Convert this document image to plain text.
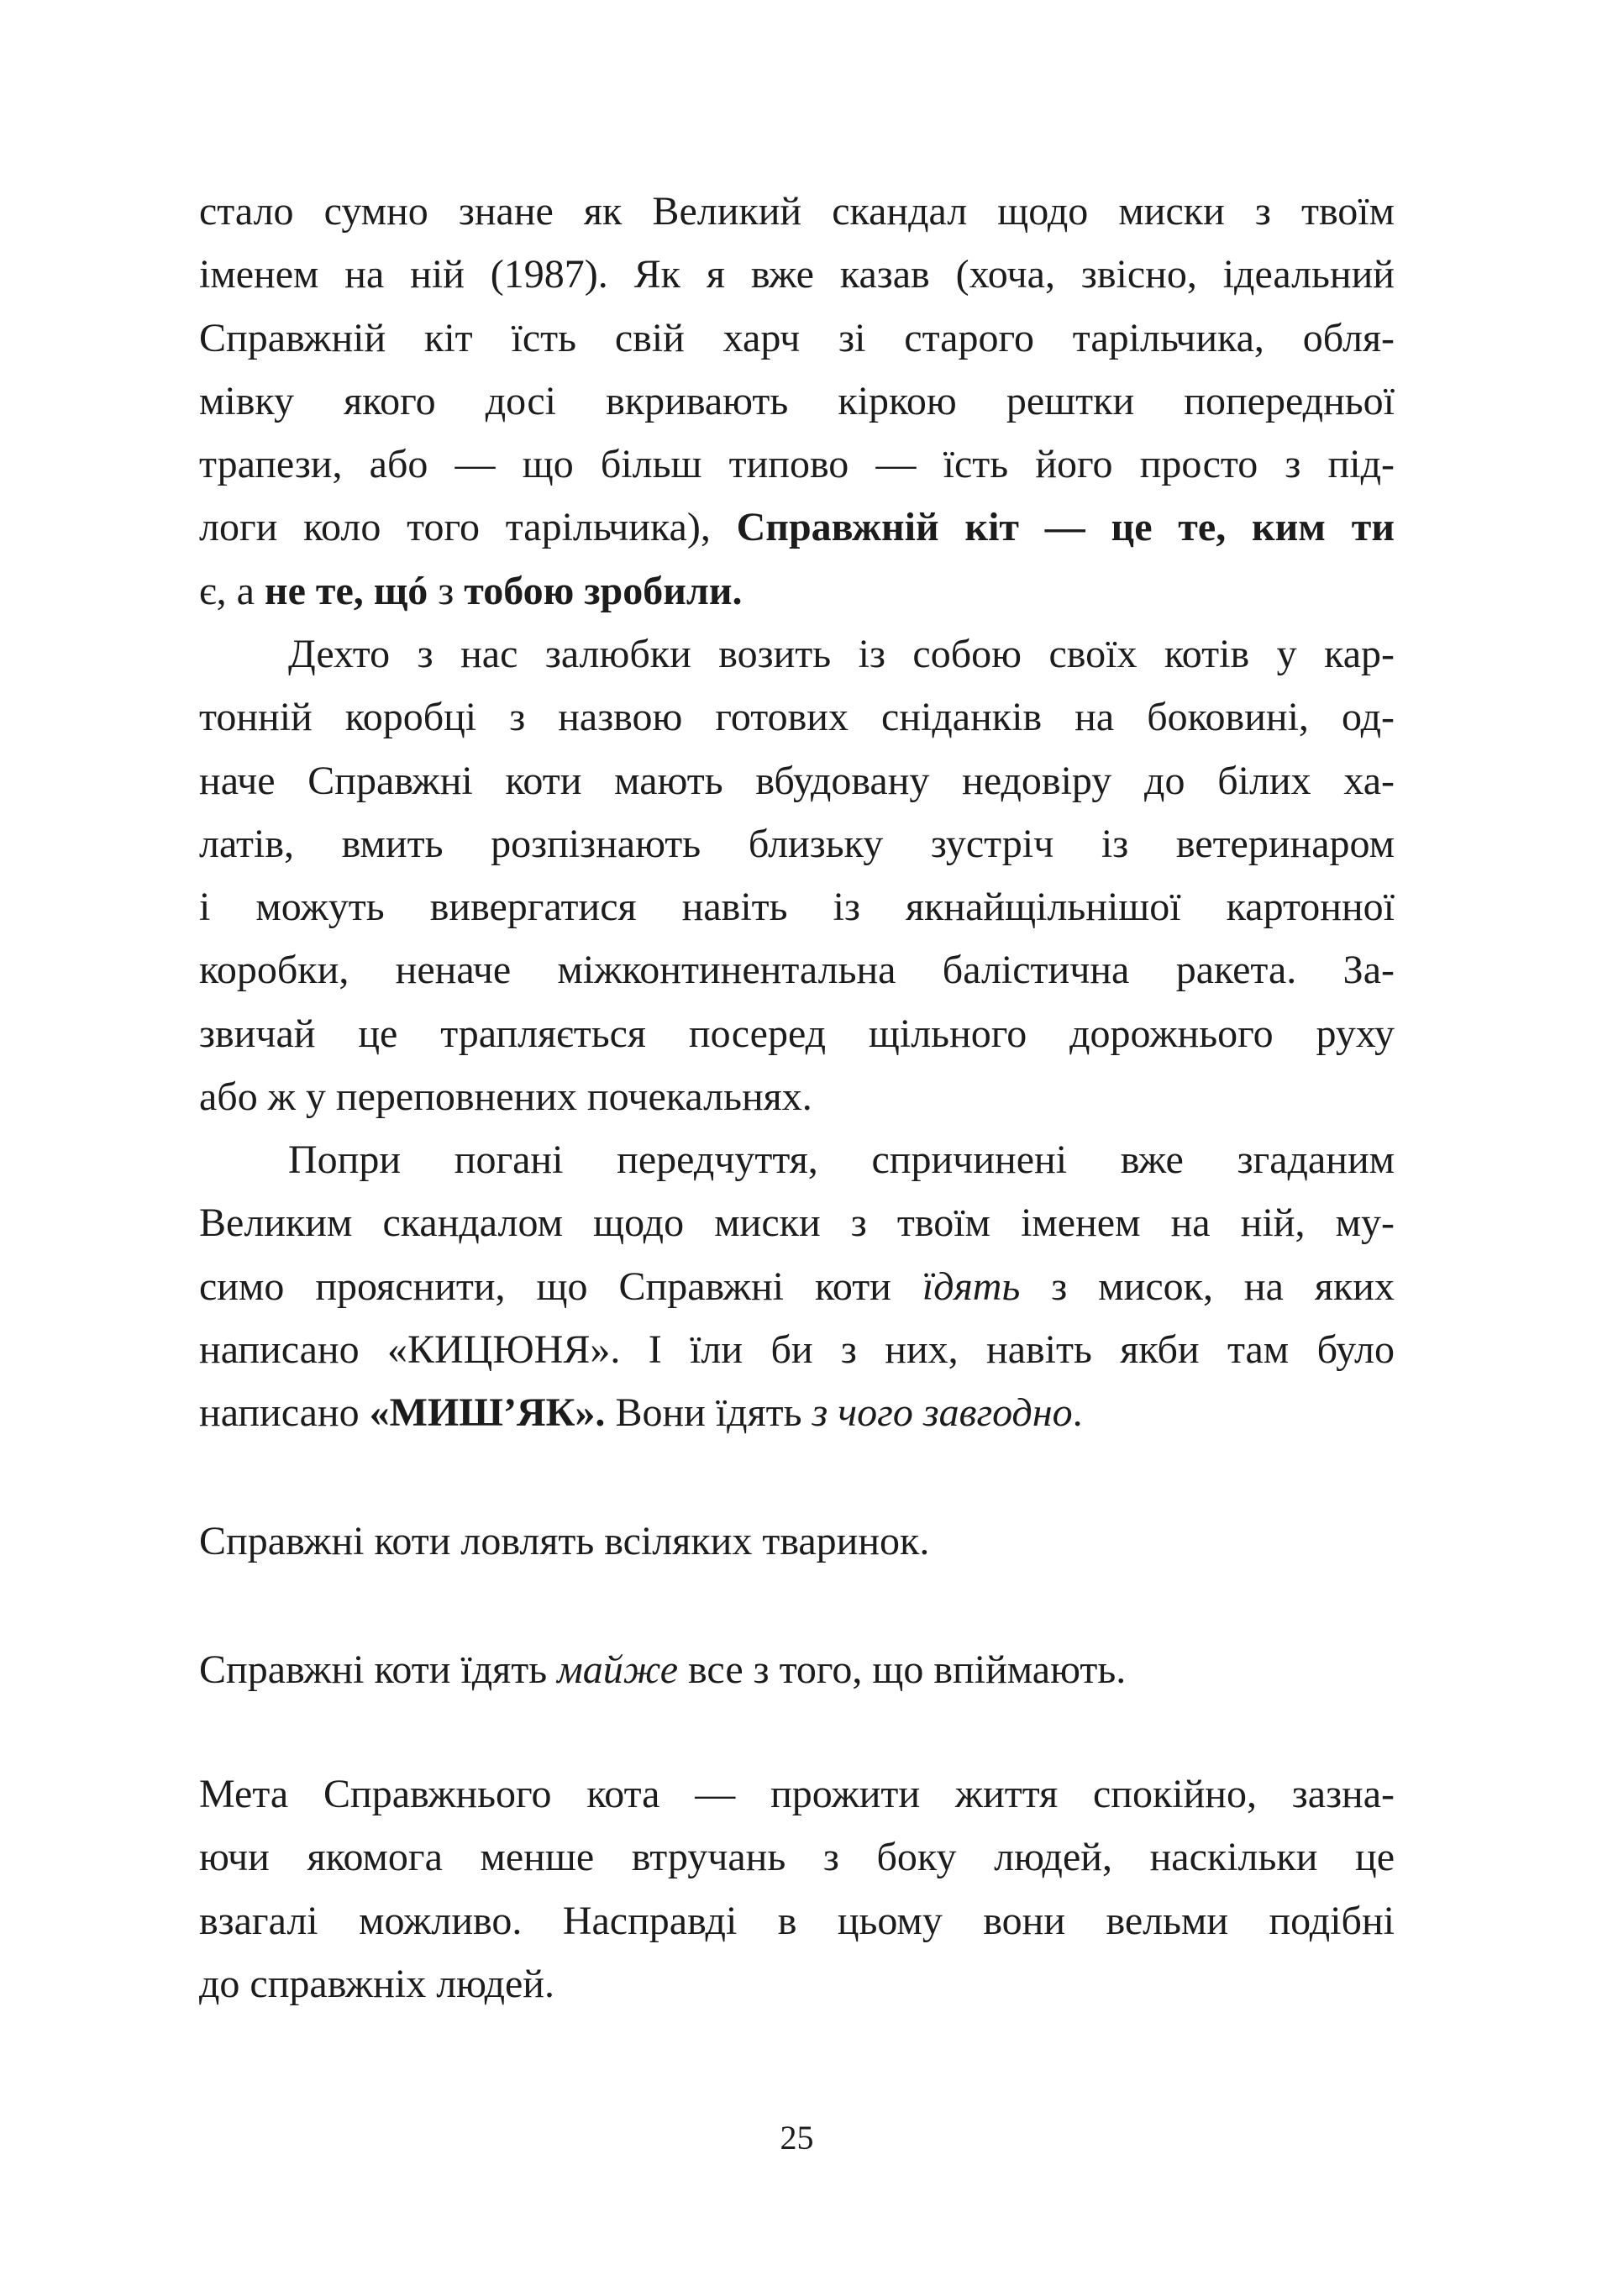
стало сумно знане як Великий скандал щодо миски з твоїм
іменем на ній (1987). Як я вже казав (хоча, звісно, ідеальний
Справжній кіт їсть свій харч зі старого тарільчика, обля-
мівку якого досі вкривають кіркою рештки попередньої
трапези, або — що більш типово — їсть його просто з під-
логи коло того тарільчика), Справжній кіт — це те, ким ти
є, а не те, щó з тобою зробили.
Дехто з нас залюбки возить із собою своїх котів у кар-
тонній коробці з назвою готових сніданків на боковині, од-
наче Справжні коти мають вбудовану недовіру до білих ха-
латів, вмить розпізнають близьку зустріч із ветеринаром
і можуть вивергатися навіть із якнайщільнішої картонної
коробки, неначе міжконтинентальна балістична ракета. За-
звичай це трапляється посеред щільного дорожнього руху
або ж у переповнених почекальнях.
Попри погані передчуття, спричинені вже згаданим
Великим скандалом щодо миски з твоїм іменем на ній, му-
симо прояснити, що Справжні коти їдять з мисок, на яких
написано «КИЦЮНЯ». І їли би з них, навіть якби там було
написано «МИШ’ЯК». Вони їдять з чого завгодно.
Справжні коти ловлять всіляких тваринок.
Справжні коти їдять майже все з того, що впіймають.
Мета Справжнього кота — прожити життя спокійно, зазна-
ючи якомога менше втручань з боку людей, наскільки це
взагалі можливо. Насправді в цьому вони вельми подібні
до справжніх людей.
25
